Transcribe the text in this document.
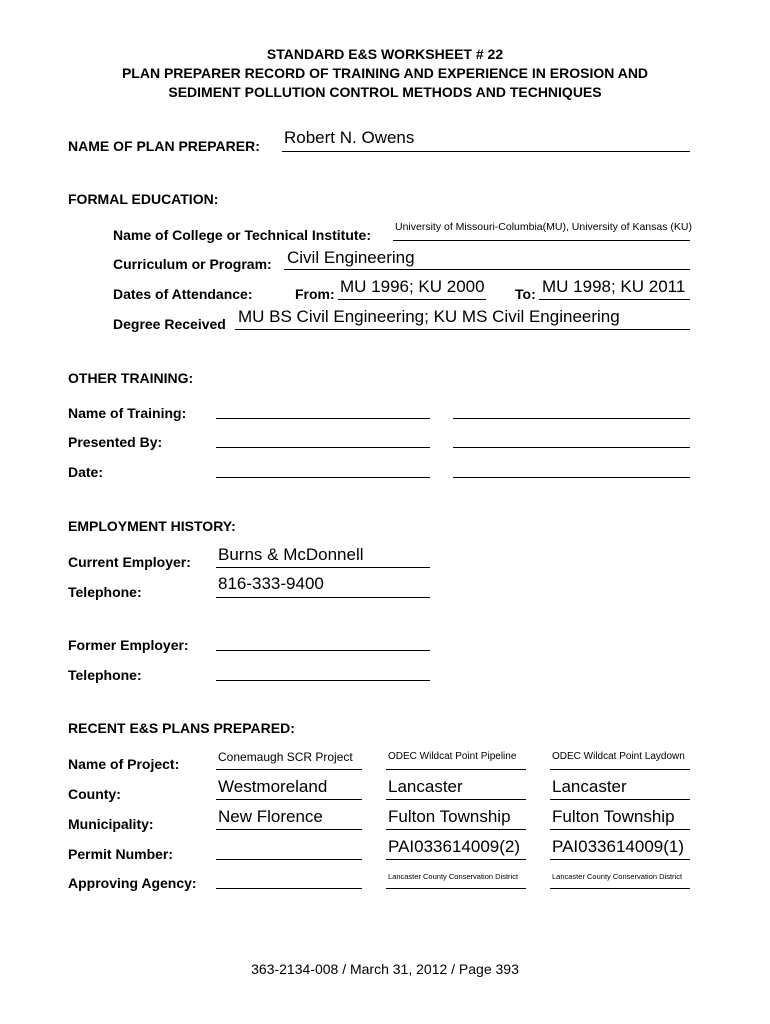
STANDARD E&S WORKSHEET # 22
PLAN PREPARER RECORD OF TRAINING AND EXPERIENCE IN EROSION AND
SEDIMENT POLLUTION CONTROL METHODS AND TECHNIQUES
NAME OF PLAN PREPARER: Robert N. Owens
FORMAL EDUCATION:
Name of College or Technical Institute: University of Missouri-Columbia(MU), University of Kansas (KU)
Curriculum or Program: Civil Engineering
Dates of Attendance:	From: MU 1996; KU 2000 To: MU 1998; KU 2011
Degree Received MU BS Civil Engineering; KU MS Civil Engineering
OTHER TRAINING:
Name of Training:
Presented By:
Date:
EMPLOYMENT HISTORY:
Current Employer: Burns & McDonnell
Telephone:	816-333-9400
Former Employer:
Telephone:
RECENT E&S PLANS PREPARED:
Name of Project:
County:
Municipality:
Permit Number:
Approving Agency:
Conemaugh SCR Project
Westmoreland
New Florence
ODEC Wildcat Point Pipeline
Lancaster
Fulton Township
PAI033614009(2)
Lancaster County Conservation District
ODEC Wildcat Point Laydown
Lancaster
Fulton Township
PAI033614009(1)
Lancaster County Conservation District
363-2134-008 / March 31, 2012 / Page 393
